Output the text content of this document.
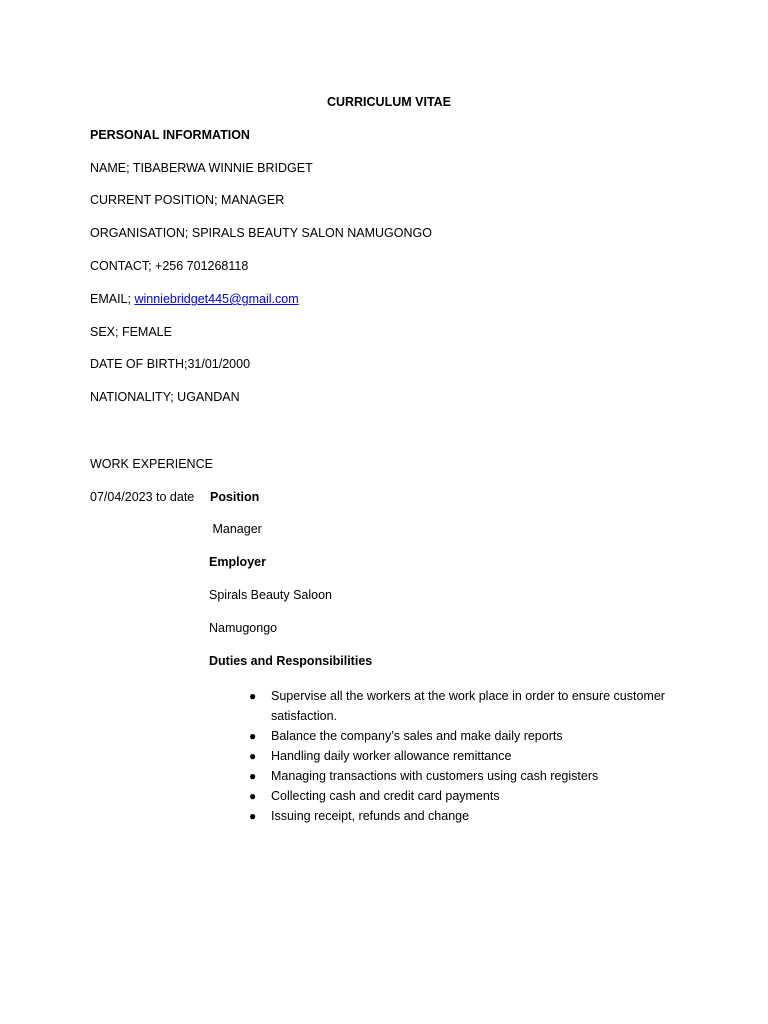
CURRICULUM VITAE
PERSONAL INFORMATION
NAME; TIBABERWA WINNIE BRIDGET
CURRENT POSITION; MANAGER
ORGANISATION; SPIRALS BEAUTY SALON NAMUGONGO
CONTACT; +256 701268118
EMAIL; winniebridget445@gmail.com
SEX; FEMALE
DATE OF BIRTH;31/01/2000
NATIONALITY; UGANDAN
WORK EXPERIENCE
07/04/2023 to date Position
Manager
Employer
Spirals Beauty Saloon
Namugongo
Duties and Responsibilities
● Supervise all the workers at the work place in order to ensure customer satisfaction.
● Balance the company’s sales and make daily reports
● Handling daily worker allowance remittance
● Managing transactions with customers using cash registers
● Collecting cash and credit card payments
● Issuing receipt, refunds and change
